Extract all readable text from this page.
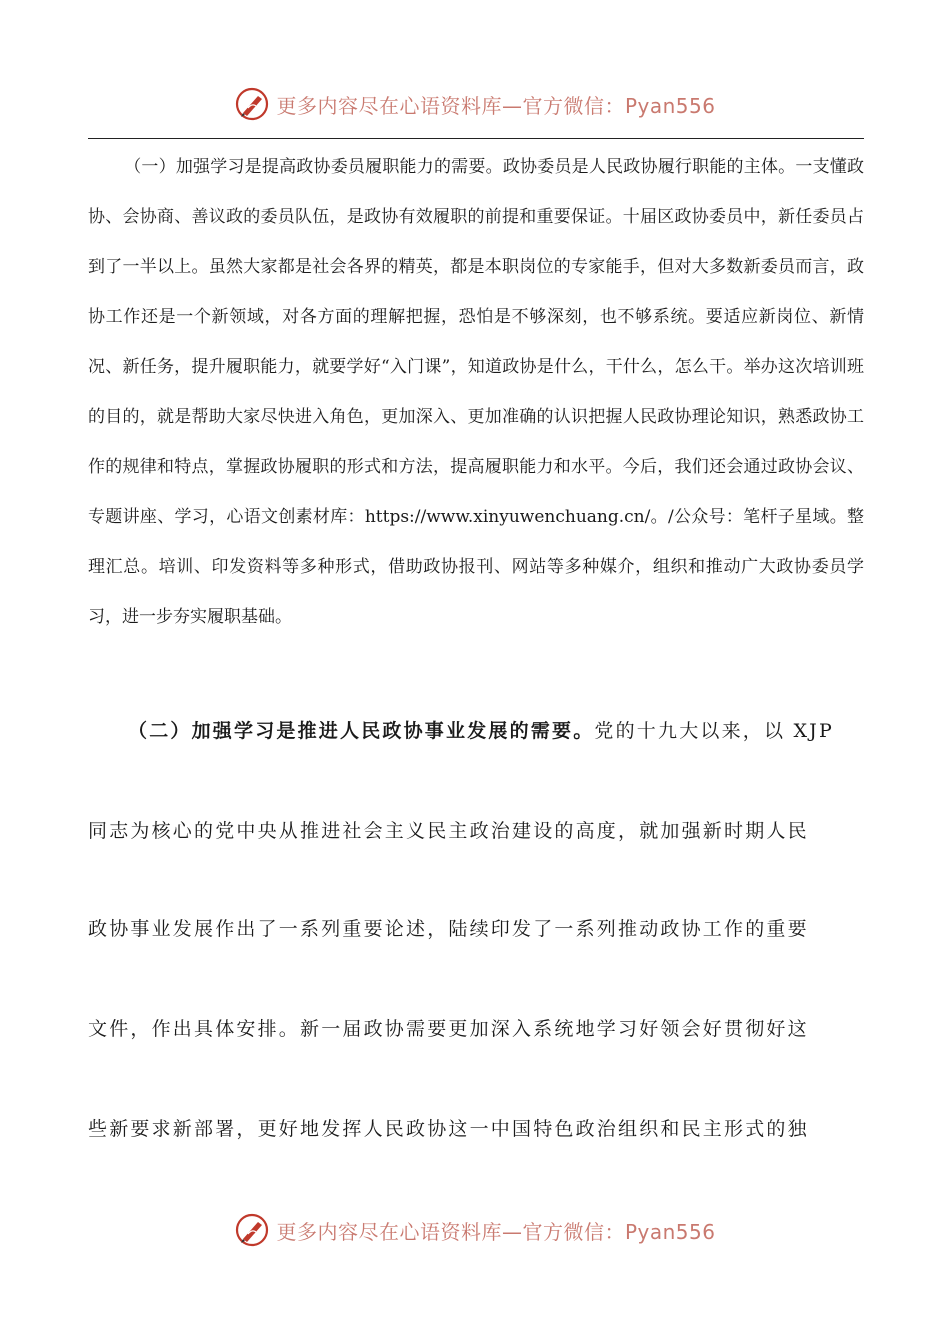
更多内容尽在心语资料库—官方微信：Pyan556

（一）加强学习是提高政协委员履职能力的需要。政协委员是人民政协履行职能的主体。一支懂政协、会协商、善议政的委员队伍，是政协有效履职的前提和重要保证。十届区政协委员中，新任委员占到了一半以上。虽然大家都是社会各界的精英，都是本职岗位的专家能手，但对大多数新委员而言，政协工作还是一个新领域，对各方面的理解把握，恐怕是不够深刻，也不够系统。要适应新岗位、新情况、新任务，提升履职能力，就要学好“入门课”，知道政协是什么，干什么，怎么干。举办这次培训班的目的，就是帮助大家尽快进入角色，更加深入、更加准确的认识把握人民政协理论知识，熟悉政协工作的规律和特点，掌握政协履职的形式和方法，提高履职能力和水平。今后，我们还会通过政协会议、专题讲座、学习，心语文创素材库：https://www.xinyuwenchuang.cn/。/公众号：笔杆子星域。整理汇总。培训、印发资料等多种形式，借助政协报刊、网站等多种媒介，组织和推动广大政协委员学习，进一步夯实履职基础。

（二）加强学习是推进人民政协事业发展的需要。党的十九大以来，以 XJP

同志为核心的党中央从推进社会主义民主政治建设的高度，就加强新时期人民

政协事业发展作出了一系列重要论述，陆续印发了一系列推动政协工作的重要

文件，作出具体安排。新一届政协需要更加深入系统地学习好领会好贯彻好这

些新要求新部署，更好地发挥人民政协这一中国特色政治组织和民主形式的独

更多内容尽在心语资料库—官方微信：Pyan556
